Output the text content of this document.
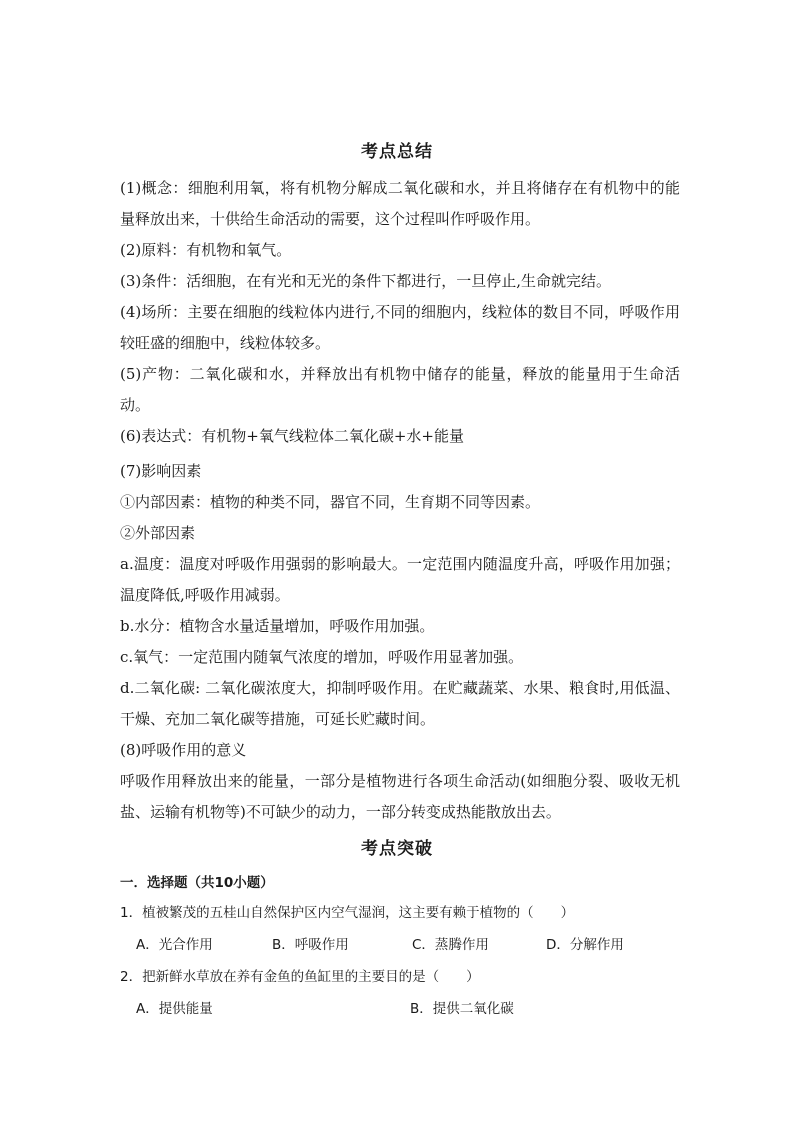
考点总结

(1)概念：细胞利用氧，将有机物分解成二氧化碳和水，并且将储存在有机物中的能量释放出来，十供给生命活动的需要，这个过程叫作呼吸作用。

(2)原料：有机物和氧气。

(3)条件：活细胞，在有光和无光的条件下都进行，一旦停止,生命就完结。

(4)场所：主要在细胞的线粒体内进行,不同的细胞内，线粒体的数目不同，呼吸作用较旺盛的细胞中，线粒体较多。

(5)产物：二氧化碳和水，并释放出有机物中储存的能量，释放的能量用于生命活动。

(6)表达式：有机物+氧气线粒体二氧化碳+水+能量

(7)影响因素

①内部因素：植物的种类不同，器官不同，生育期不同等因素。

②外部因素

a.温度：温度对呼吸作用强弱的影响最大。一定范围内随温度升高，呼吸作用加强；温度降低,呼吸作用减弱。

b.水分：植物含水量适量增加，呼吸作用加强。

c.氧气：一定范围内随氧气浓度的增加，呼吸作用显著加强。

d.二氧化碳: 二氧化碳浓度大，抑制呼吸作用。在贮藏蔬菜、水果、粮食时,用低温、干燥、充加二氧化碳等措施，可延长贮藏时间。

(8)呼吸作用的意义

呼吸作用释放出来的能量，一部分是植物进行各项生命活动(如细胞分裂、吸收无机盐、运输有机物等)不可缺少的动力，一部分转变成热能散放出去。

考点突破
一．选择题（共10小题）
1．植被繁茂的五桂山自然保护区内空气湿润，这主要有赖于植物的（　　）
A．光合作用	B．呼吸作用	C．蒸腾作用	D．分解作用
2．把新鲜水草放在养有金鱼的鱼缸里的主要目的是（　　）
A．提供能量	B．提供二氧化碳
